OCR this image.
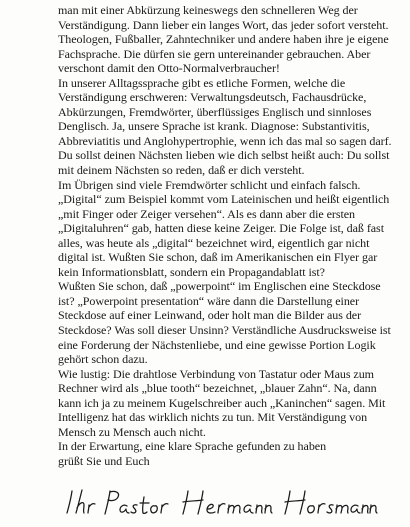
man mit einer Abkürzung keineswegs den schnelleren Weg der
Verständigung. Dann lieber ein langes Wort, das jeder sofort versteht.
Theologen, Fußballer, Zahntechniker und andere haben ihre je eigene
Fachsprache. Die dürfen sie gern untereinander gebrauchen. Aber
verschont damit den Otto-Normalverbraucher!
In unserer Alltagssprache gibt es etliche Formen, welche die
Verständigung erschweren: Verwaltungsdeutsch, Fachausdrücke,
Abkürzungen, Fremdwörter, überflüssiges Englisch und sinnloses
Denglisch. Ja, unsere Sprache ist krank. Diagnose: Substantivitis,
Abbreviatitis und Anglohypertrophie, wenn ich das mal so sagen darf.
Du sollst deinen Nächsten lieben wie dich selbst heißt auch: Du sollst
mit deinem Nächsten so reden, daß er dich versteht.
Im Übrigen sind viele Fremdwörter schlicht und einfach falsch.
„Digital“ zum Beispiel kommt vom Lateinischen und heißt eigentlich
„mit Finger oder Zeiger versehen“. Als es dann aber die ersten
„Digitaluhren“ gab, hatten diese keine Zeiger. Die Folge ist, daß fast
alles, was heute als „digital“ bezeichnet wird, eigentlich gar nicht
digital ist. Wußten Sie schon, daß im Amerikanischen ein Flyer gar
kein Informationsblatt, sondern ein Propagandablatt ist?
Wußten Sie schon, daß „powerpoint“ im Englischen eine Steckdose
ist? „Powerpoint presentation“ wäre dann die Darstellung einer
Steckdose auf einer Leinwand, oder holt man die Bilder aus der
Steckdose? Was soll dieser Unsinn? Verständliche Ausdrucksweise ist
eine Forderung der Nächstenliebe, und eine gewisse Portion Logik
gehört schon dazu.
Wie lustig: Die drahtlose Verbindung von Tastatur oder Maus zum
Rechner wird als „blue tooth“ bezeichnet, „blauer Zahn“. Na, dann
kann ich ja zu meinem Kugelschreiber auch „Kaninchen“ sagen. Mit
Intelligenz hat das wirklich nichts zu tun. Mit Verständigung von
Mensch zu Mensch auch nicht.
In der Erwartung, eine klare Sprache gefunden zu haben
grüßt Sie und Euch
